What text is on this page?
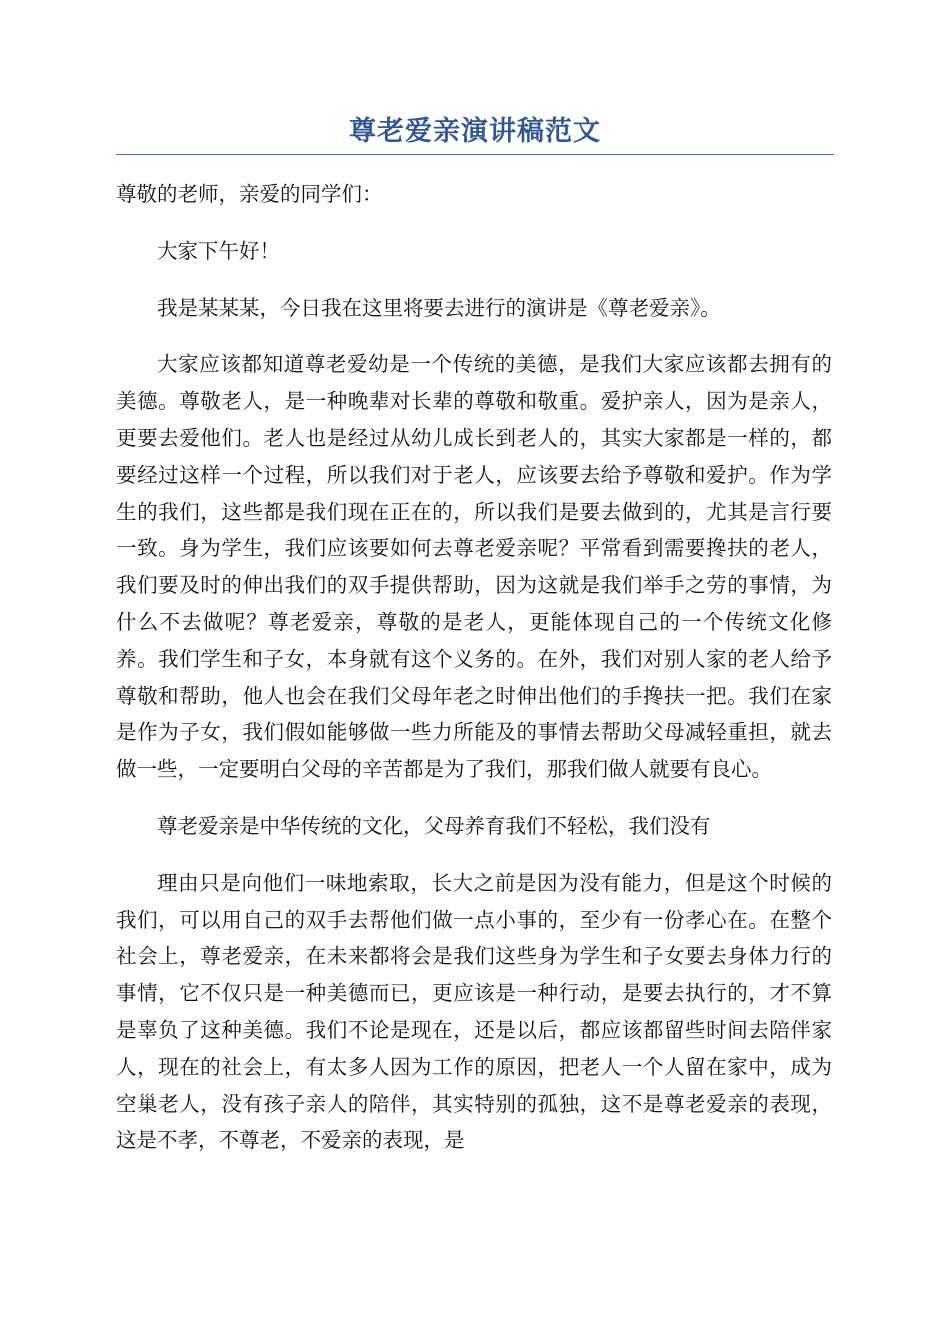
尊老爱亲演讲稿范文

尊敬的老师，亲爱的同学们：

大家下午好！

我是某某某，今日我在这里将要去进行的演讲是《尊老爱亲》。

大家应该都知道尊老爱幼是一个传统的美德，是我们大家应该都去拥有的美德。尊敬老人，是一种晚辈对长辈的尊敬和敬重。爱护亲人，因为是亲人，更要去爱他们。老人也是经过从幼儿成长到老人的，其实大家都是一样的，都要经过这样一个过程，所以我们对于老人，应该要去给予尊敬和爱护。作为学生的我们，这些都是我们现在正在的，所以我们是要去做到的，尤其是言行要一致。身为学生，我们应该要如何去尊老爱亲呢？平常看到需要搀扶的老人，我们要及时的伸出我们的双手提供帮助，因为这就是我们举手之劳的事情，为什么不去做呢？尊老爱亲，尊敬的是老人，更能体现自己的一个传统文化修养。我们学生和子女，本身就有这个义务的。在外，我们对别人家的老人给予尊敬和帮助，他人也会在我们父母年老之时伸出他们的手搀扶一把。我们在家是作为子女，我们假如能够做一些力所能及的事情去帮助父母减轻重担，就去做一些，一定要明白父母的辛苦都是为了我们，那我们做人就要有良心。

尊老爱亲是中华传统的文化，父母养育我们不轻松，我们没有

理由只是向他们一味地索取，长大之前是因为没有能力，但是这个时候的我们，可以用自己的双手去帮他们做一点小事的，至少有一份孝心在。在整个社会上，尊老爱亲，在未来都将会是我们这些身为学生和子女要去身体力行的事情，它不仅只是一种美德而已，更应该是一种行动，是要去执行的，才不算是辜负了这种美德。我们不论是现在，还是以后，都应该都留些时间去陪伴家人，现在的社会上，有太多人因为工作的原因，把老人一个人留在家中，成为空巢老人，没有孩子亲人的陪伴，其实特别的孤独，这不是尊老爱亲的表现，这是不孝，不尊老，不爱亲的表现，是
